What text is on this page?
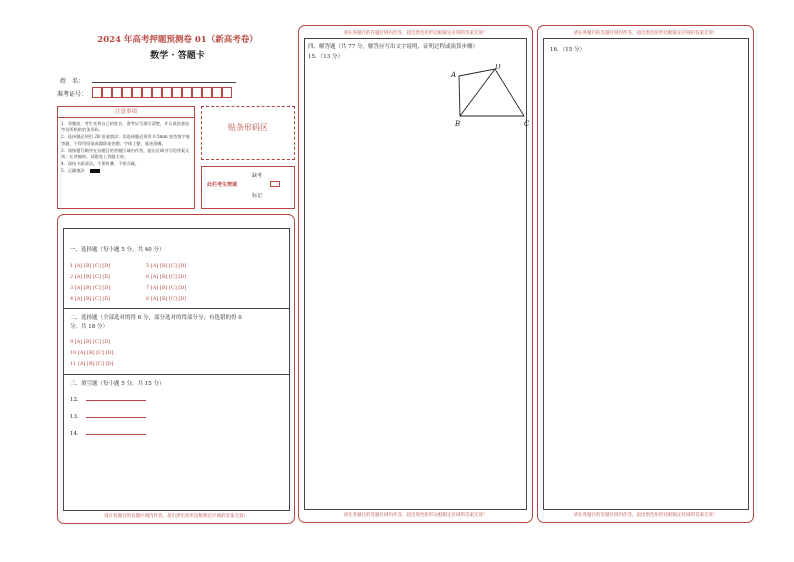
2024 年高考押题预测卷 01（新高考卷）
数学 · 答题卡
姓　名：
准考证号：
注意事项

1．答题前，考生先将自己的姓名，准考证号填写清楚，并认真检查监考员所粘贴的条形码。

2．选择题必须用 2B 铅笔填涂；非选择题必须用 0.5mm 黑色签字笔答题，不得用铅笔或圆珠笔答题；字体工整、笔迹清晰。

3．请按题号顺序在各题目的答题区域内作答，超出区域书写的答案无效；在草稿纸、试题卷上答题无效。

4．保持卡面清洁，不要折叠、不要弄破。

5．正确填涂

贴条形码区
此栏考生禁填
缺考
标记
一、选择题（每小题 5 分，共 40 分）
1 [A] [B] [C] [D]
2 [A] [B] [C] [D]
3 [A] [B] [C] [D]
4 [A] [B] [C] [D]
5 [A] [B] [C] [D]
6 [A] [B] [C] [D]
7 [A] [B] [C] [D]
8 [A] [B] [C] [D]
二、选择题（全部选对的得 6 分，部分选对的得部分分，有选错的得 0
分，共 18 分）
9 [A] [B] [C] [D]
10 [A] [B] [C] [D]
11 [A] [B] [C] [D]
三、填空题（每小题 5 分，共 15 分）
12．
13．
14．
请在各题目的答题区域内作答，超出黑色矩形边框限定区域的答案无效！
请在各题目的答题区域内作答，超出黑色矩形边框限定区域的答案无效！
四、解答题（共 77 分，解答应写出文字说明，证明过程或演算步骤）
15．（13 分）
A
D
B	C
请在各题目的答题区域内作答，超出黑色矩形边框限定区域的答案无效！
请在各题目的答题区域内作答，超出黑色矩形边框限定区域的答案无效！
16．（15 分）
请在各题目的答题区域内作答，超出黑色矩形边框限定区域的答案无效！
